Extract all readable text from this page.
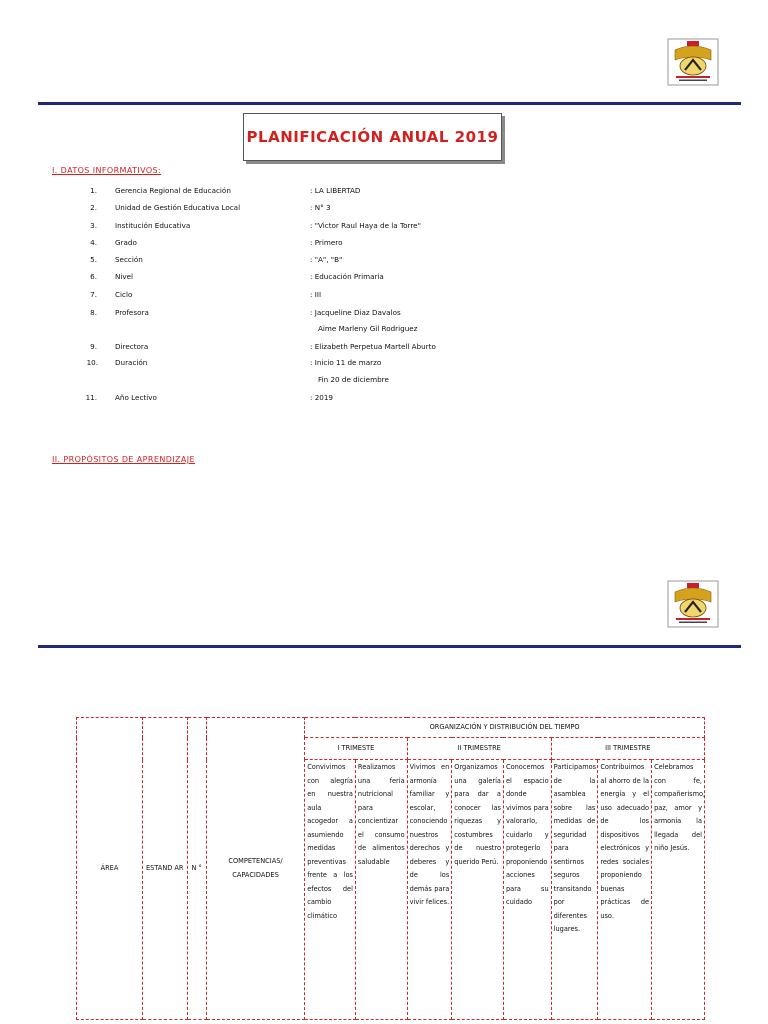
PLANIFICACIÓN ANUAL 2019
I. DATOS INFORMATIVOS:
1.	Gerencia Regional de Educación	: LA LIBERTAD
2.	Unidad de Gestión Educativa Local	: N° 3
3.	Institución Educativa	: "Victor Raul Haya de la Torre"
4.	Grado	: Primero
5.	Sección	: "A", "B"
6.	Nivel	: Educación Primaria
7.	Ciclo	: III
8.	Profesora	: Jacqueline Diaz Davalos
Aime Marleny Gil Rodriguez
9.	Directora	: Elizabeth Perpetua Martell Aburto
10. Duración	: Inicio 11 de marzo
Fin 20 de diciembre
11.	Año Lectivo	: 2019
II. PROPÓSITOS DE APRENDIZAJE
ÁREA	ESTAND AR	N °	COMPETENCIAS/ CAPACIDADES	ORGANIZACIÓN Y DISTRIBUCIÓN DEL TIEMPO							
				I TRIMESTE		II TRIMESTRE			III TRIMESTRE		
				Convivimos con alegría en nuestra aula acogedor a asumiendo medidas preventivas frente a los efectos del cambio climático	Realizamos una feria nutricional para concientizar el consumo de alimentos saludable	Vivimos en armonía familiar y escolar, conociendo nuestros derechos y deberes y de los demás para vivir felices.	Organizamos una galería para dar a conocer las riquezas y costumbres de nuestro querido Perú.	Conocemos el espacio donde vivimos para valorarlo, cuidarlo y protegerlo proponiendo acciones para su cuidado	Participamos de la asamblea sobre las medidas de seguridad para sentirnos seguros transitando por diferentes lugares.	Contribuimos al ahorro de la energía y el uso adecuado de los dispositivos electrónicos y redes sociales proponiendo buenas prácticas de uso.	Celebramos con fe, compañerismo, paz, amor y armonía la llegada del niño Jesús.
